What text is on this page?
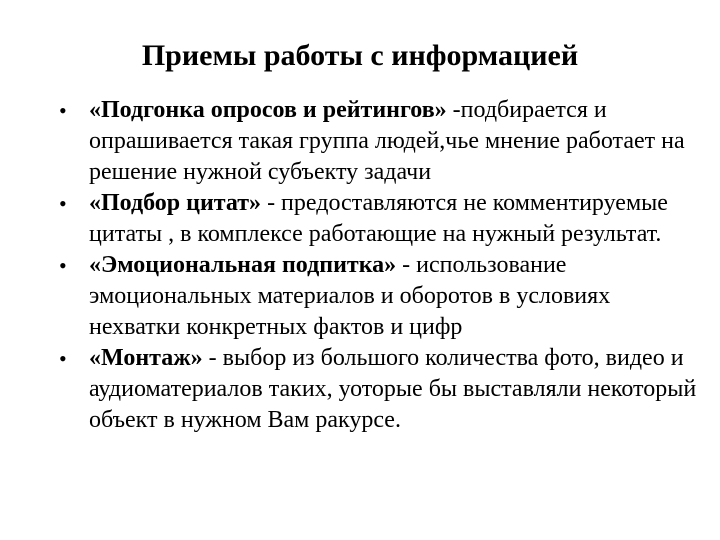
Приемы работы с информацией
• «Подгонка опросов и рейтингов» -подбирается и опрашивается такая группа людей,чье мнение работает на решение нужной субъекту задачи
• «Подбор цитат» - предоставляются не комментируемые цитаты , в комплексе работающие на нужный результат.
• «Эмоциональная подпитка» - использование эмоциональных материалов и оборотов в условиях нехватки конкретных фактов и цифр
• «Монтаж» - выбор из большого количества фото, видео и аудиоматериалов таких, уоторые бы выставляли некоторый объект в нужном Вам ракурсе.
